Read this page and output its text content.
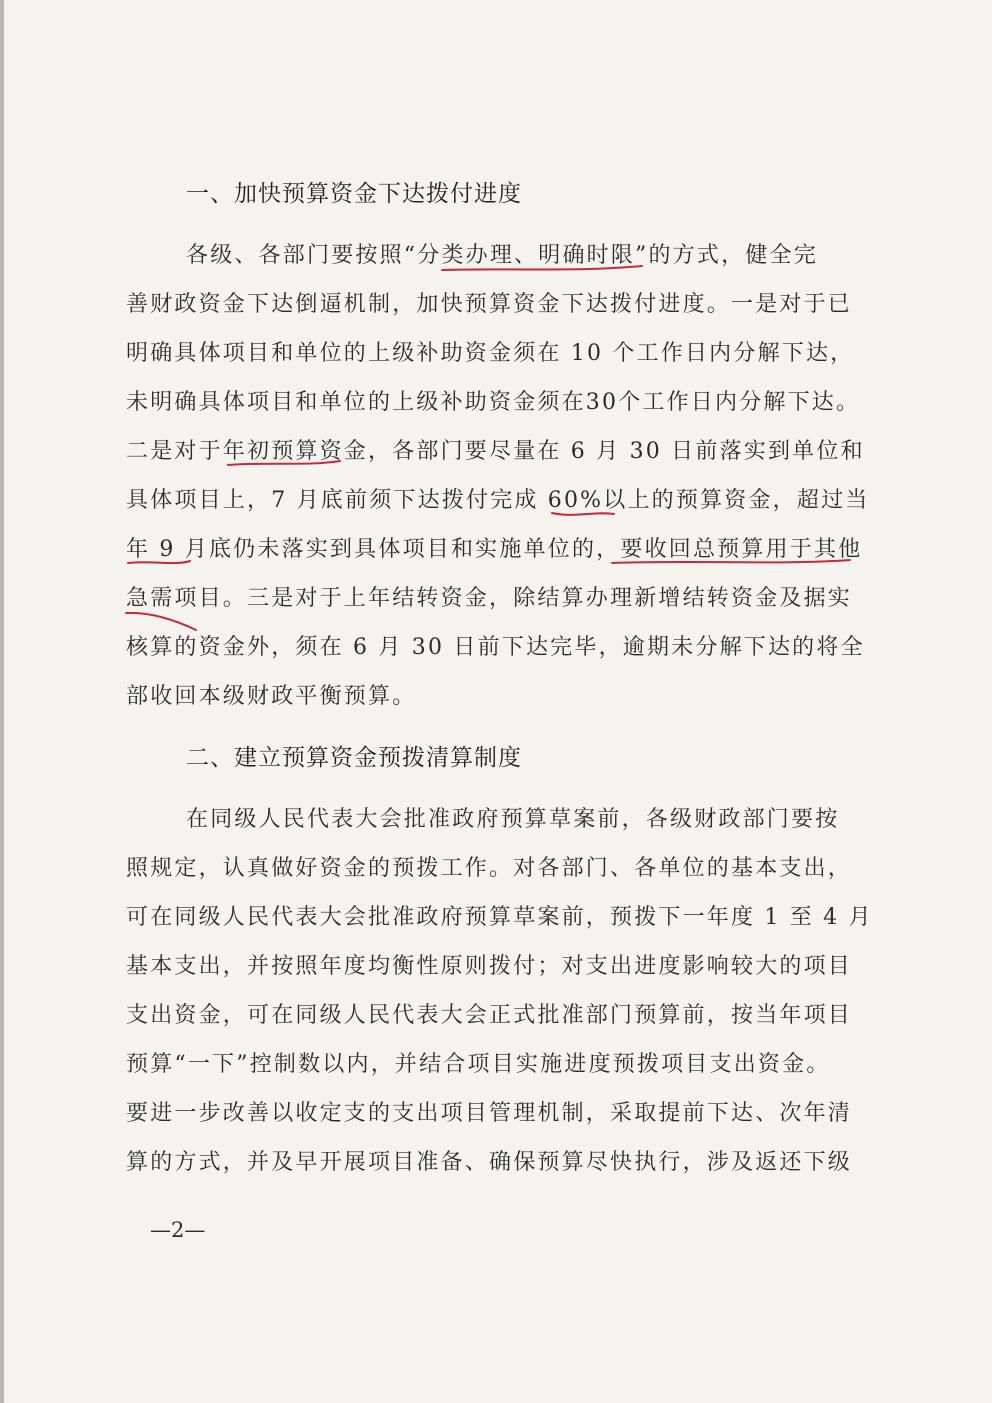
一、加快预算资金下达拨付进度
各级、各部门要按照“分类办理、明确时限”的方式，健全完
善财政资金下达倒逼机制，加快预算资金下达拨付进度。一是对于已
明确具体项目和单位的上级补助资金须在 10 个工作日内分解下达，
未明确具体项目和单位的上级补助资金须在30个工作日内分解下达。
二是对于年初预算资金，各部门要尽量在 6 月 30 日前落实到单位和
具体项目上，7 月底前须下达拨付完成 60%以上的预算资金，超过当
年 9 月底仍未落实到具体项目和实施单位的，要收回总预算用于其他
急需项目。三是对于上年结转资金，除结算办理新增结转资金及据实
核算的资金外，须在 6 月 30 日前下达完毕，逾期未分解下达的将全
部收回本级财政平衡预算。
二、建立预算资金预拨清算制度
在同级人民代表大会批准政府预算草案前，各级财政部门要按
照规定，认真做好资金的预拨工作。对各部门、各单位的基本支出，
可在同级人民代表大会批准政府预算草案前，预拨下一年度 1 至 4 月
基本支出，并按照年度均衡性原则拨付；对支出进度影响较大的项目
支出资金，可在同级人民代表大会正式批准部门预算前，按当年项目
预算“一下”控制数以内，并结合项目实施进度预拨项目支出资金。
要进一步改善以收定支的支出项目管理机制，采取提前下达、次年清
算的方式，并及早开展项目准备、确保预算尽快执行，涉及返还下级
—2—
